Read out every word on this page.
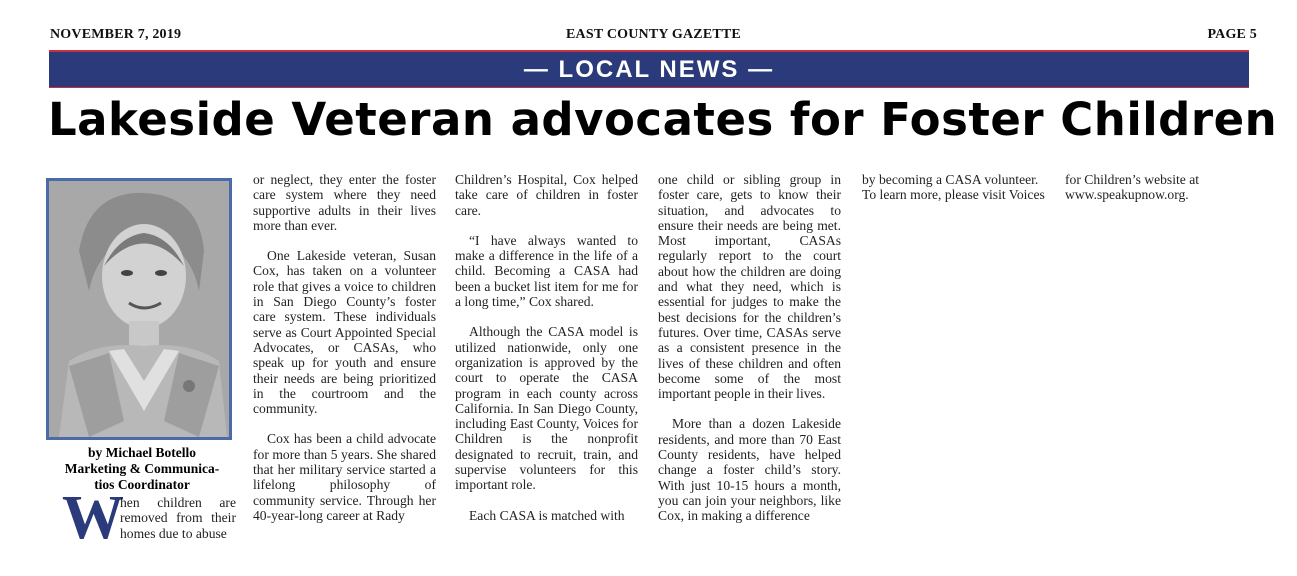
NOVEMBER 7, 2019	EAST COUNTY GAZETTE	PAGE 5
— LOCAL NEWS —
Lakeside Veteran advocates for Foster Children
by Michael Botello
Marketing & Communica-
tios Coordinator
W
hen children are removed from their homes due to abuse

or neglect, they enter the foster care system where they need supportive adults in their lives more than ever.

One Lakeside veteran, Susan Cox, has taken on a volunteer role that gives a voice to children in San Diego County’s foster care system. These individuals serve as Court Appointed Special Advocates, or CASAs, who speak up for youth and ensure their needs are being prioritized in the courtroom and the community.

Cox has been a child advocate for more than 5 years. She shared that her military service started a lifelong philosophy of community service. Through her 40-year-long career at Rady

Children’s Hospital, Cox helped take care of children in foster care.

“I have always wanted to make a difference in the life of a child. Becoming a CASA had been a bucket list item for me for a long time,” Cox shared.

Although the CASA model is utilized nationwide, only one organization is approved by the court to operate the CASA program in each county across California. In San Diego County, including East County, Voices for Children is the nonprofit designated to recruit, train, and supervise volunteers for this important role.

Each CASA is matched with

one child or sibling group in foster care, gets to know their situation, and advocates to ensure their needs are being met. Most important, CASAs regularly report to the court about how the children are doing and what they need, which is essential for judges to make the best decisions for the children’s futures. Over time, CASAs serve as a consistent presence in the lives of these children and often become some of the most important people in their lives.

More than a dozen Lakeside residents, and more than 70 East County residents, have helped change a foster child’s story. With just 10-15 hours a month, you can join your neighbors, like Cox, in making a difference

by becoming a CASA volunteer. To learn more, please visit Voices

for Children’s website at www.speakupnow.org.
